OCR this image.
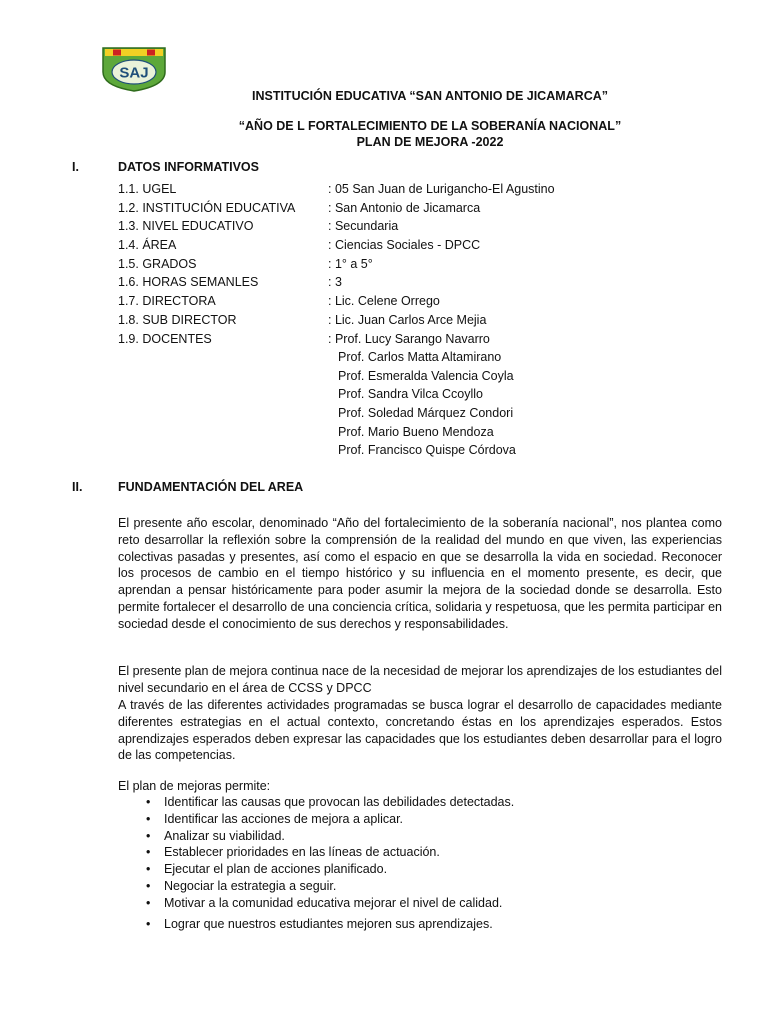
SAJ
INSTITUCIÓN EDUCATIVA “SAN ANTONIO DE JICAMARCA”
“AÑO DE L FORTALECIMIENTO DE LA SOBERANÍA NACIONAL”
PLAN DE MEJORA -2022
I.	DATOS INFORMATIVOS
1.1. UGEL	: 05 San Juan de Lurigancho-El Agustino
1.2. INSTITUCIÓN EDUCATIVA	: San Antonio de Jicamarca
1.3. NIVEL EDUCATIVO	: Secundaria
1.4. ÁREA	: Ciencias Sociales - DPCC
1.5. GRADOS	: 1° a 5°
1.6. HORAS SEMANLES	: 3
1.7. DIRECTORA	: Lic. Celene Orrego
1.8. SUB DIRECTOR	: Lic. Juan Carlos Arce Mejia
1.9. DOCENTES	: Prof. Lucy Sarango Navarro
Prof. Carlos Matta Altamirano
Prof. Esmeralda Valencia Coyla
Prof. Sandra Vilca Ccoyllo
Prof. Soledad Márquez Condori
Prof. Mario Bueno Mendoza
Prof. Francisco Quispe Córdova
II.	FUNDAMENTACIÓN DEL AREA

El presente año escolar, denominado “Año del fortalecimiento de la soberanía nacional”, nos plantea como reto desarrollar la reflexión sobre la comprensión de la realidad del mundo en que viven, las experiencias colectivas pasadas y presentes, así como el espacio en que se desarrolla la vida en sociedad. Reconocer los procesos de cambio en el tiempo histórico y su influencia en el momento presente, es decir, que aprendan a pensar históricamente para poder asumir la mejora de la sociedad donde se desarrolla. Esto permite fortalecer el desarrollo de una conciencia crítica, solidaria y respetuosa, que les permita participar en sociedad desde el conocimiento de sus derechos y responsabilidades.

El presente plan de mejora continua nace de la necesidad de mejorar los aprendizajes de los estudiantes del nivel secundario en el área de CCSS y DPCC

A través de las diferentes actividades programadas se busca lograr el desarrollo de capacidades mediante diferentes estrategias en el actual contexto, concretando éstas en los aprendizajes esperados. Estos aprendizajes esperados deben expresar las capacidades que los estudiantes deben desarrollar para el logro de las competencias.

El plan de mejoras permite:

• Identificar las causas que provocan las debilidades detectadas.
• Identificar las acciones de mejora a aplicar.
• Analizar su viabilidad.
• Establecer prioridades en las líneas de actuación.
• Ejecutar el plan de acciones planificado.
• Negociar la estrategia a seguir.
• Motivar a la comunidad educativa mejorar el nivel de calidad.
• Lograr que nuestros estudiantes mejoren sus aprendizajes.
